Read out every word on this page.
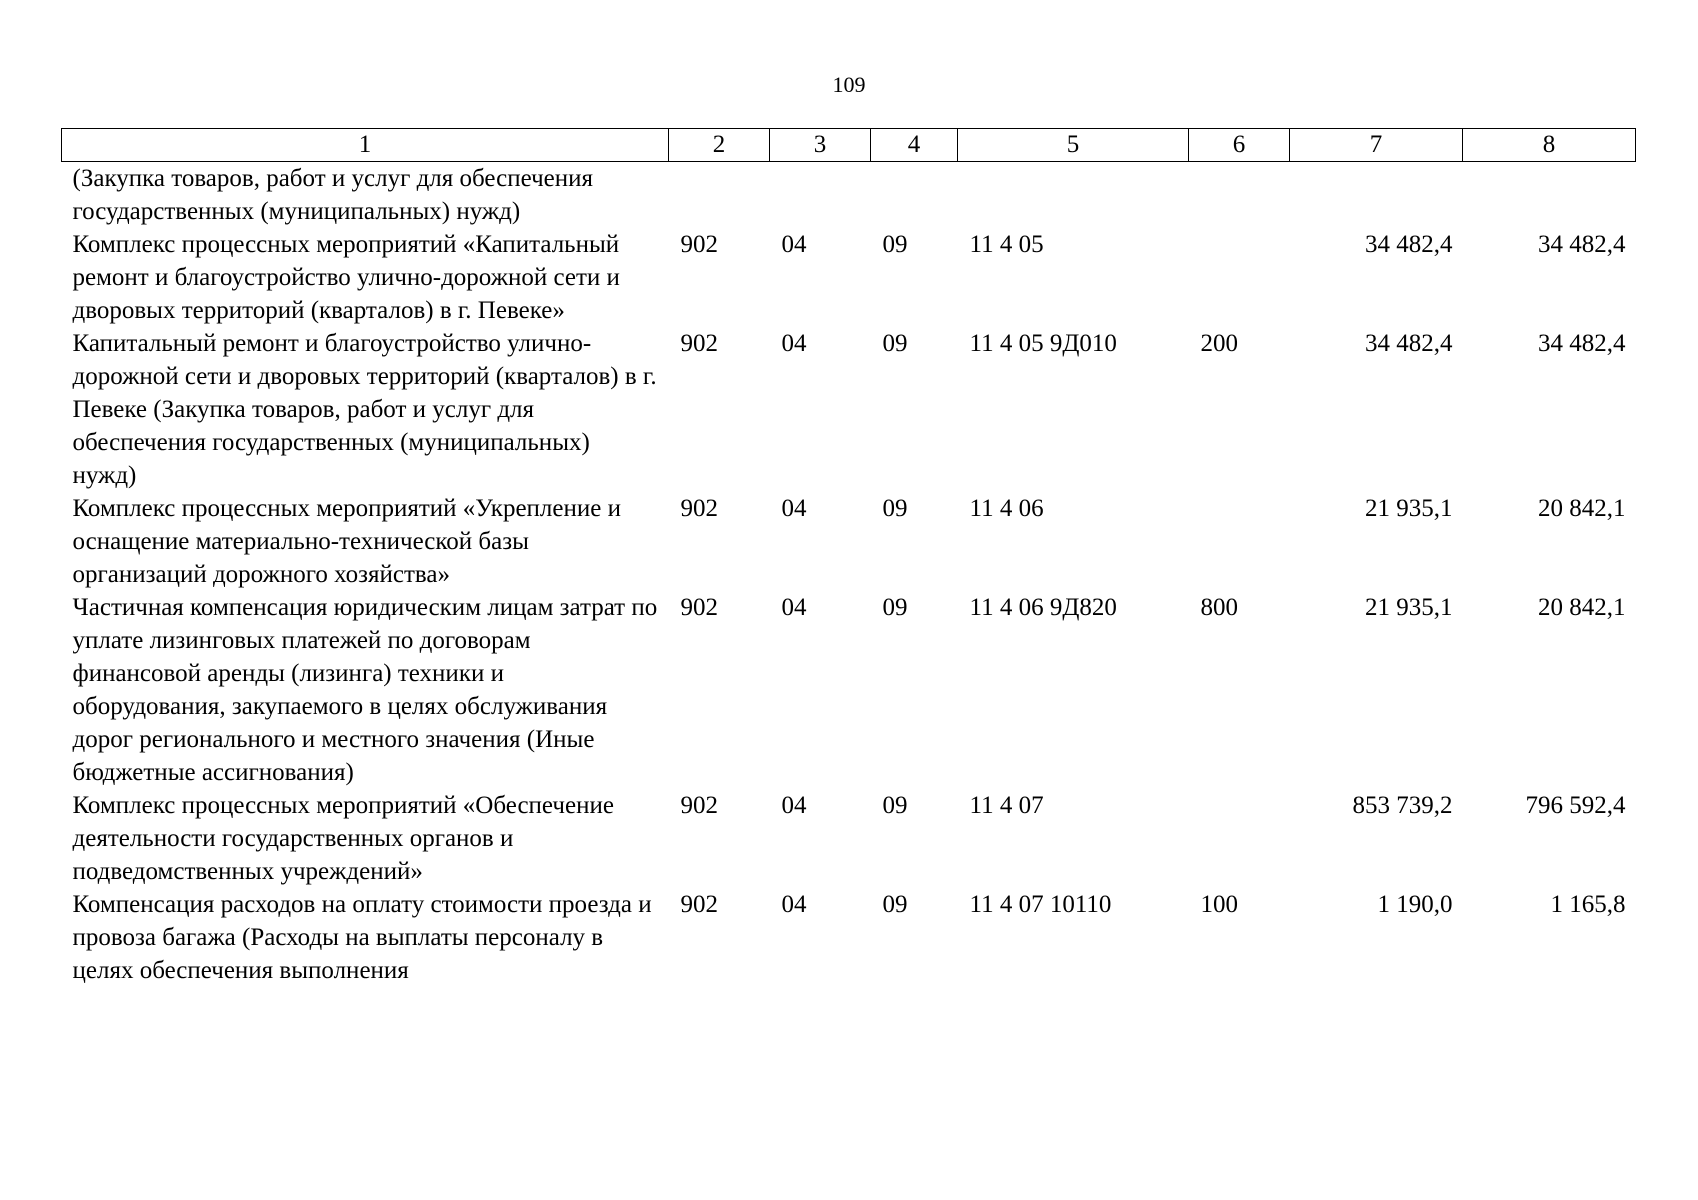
109
1	2	3	4	5	6	7	8
(Закупка товаров, работ и услуг для обеспечения государственных (муниципальных) нужд)							
Комплекс процессных мероприятий «Капитальный ремонт и благоустройство улично-дорожной сети и дворовых территорий (кварталов) в г. Певеке»	902	04	09	11 4 05		34 482,4	34 482,4
Капитальный ремонт и благоустройство улично-дорожной сети и дворовых территорий (кварталов) в г. Певеке (Закупка товаров, работ и услуг для обеспечения государственных (муниципальных) нужд)	902	04	09	11 4 05 9Д010	200	34 482,4	34 482,4
Комплекс процессных мероприятий «Укрепление и оснащение материально-технической базы организаций дорожного хозяйства»	902	04	09	11 4 06		21 935,1	20 842,1
Частичная компенсация юридическим лицам затрат по уплате лизинговых платежей по договорам финансовой аренды (лизинга) техники и оборудования, закупаемого в целях обслуживания дорог регионального и местного значения (Иные бюджетные ассигнования)	902	04	09	11 4 06 9Д820	800	21 935,1	20 842,1
Комплекс процессных мероприятий «Обеспечение деятельности государственных органов и подведомственных учреждений»	902	04	09	11 4 07		853 739,2	796 592,4
Компенсация расходов на оплату стоимости проезда и провоза багажа (Расходы на выплаты персоналу в целях обеспечения выполнения	902	04	09	11 4 07 10110	100	1 190,0	1 165,8
